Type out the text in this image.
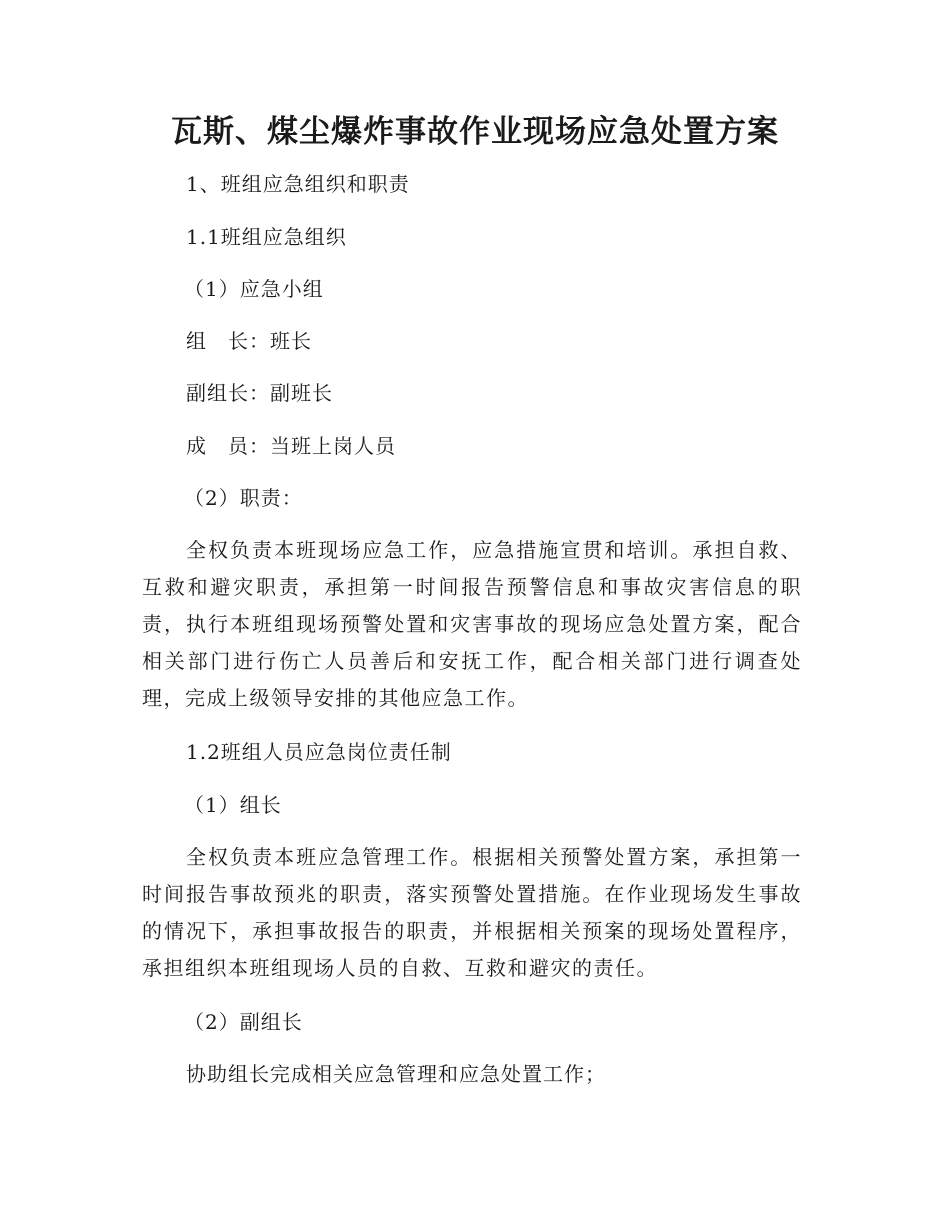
瓦斯、煤尘爆炸事故作业现场应急处置方案

1、班组应急组织和职责

1.1班组应急组织

（1）应急小组

组　长：班长

副组长：副班长

成　员：当班上岗人员

（2）职责：

全权负责本班现场应急工作，应急措施宣贯和培训。承担自救、互救和避灾职责，承担第一时间报告预警信息和事故灾害信息的职责，执行本班组现场预警处置和灾害事故的现场应急处置方案，配合相关部门进行伤亡人员善后和安抚工作，配合相关部门进行调查处理，完成上级领导安排的其他应急工作。

1.2班组人员应急岗位责任制

（1）组长

全权负责本班应急管理工作。根据相关预警处置方案，承担第一时间报告事故预兆的职责，落实预警处置措施。在作业现场发生事故的情况下，承担事故报告的职责，并根据相关预案的现场处置程序，承担组织本班组现场人员的自救、互救和避灾的责任。

（2）副组长

协助组长完成相关应急管理和应急处置工作；
